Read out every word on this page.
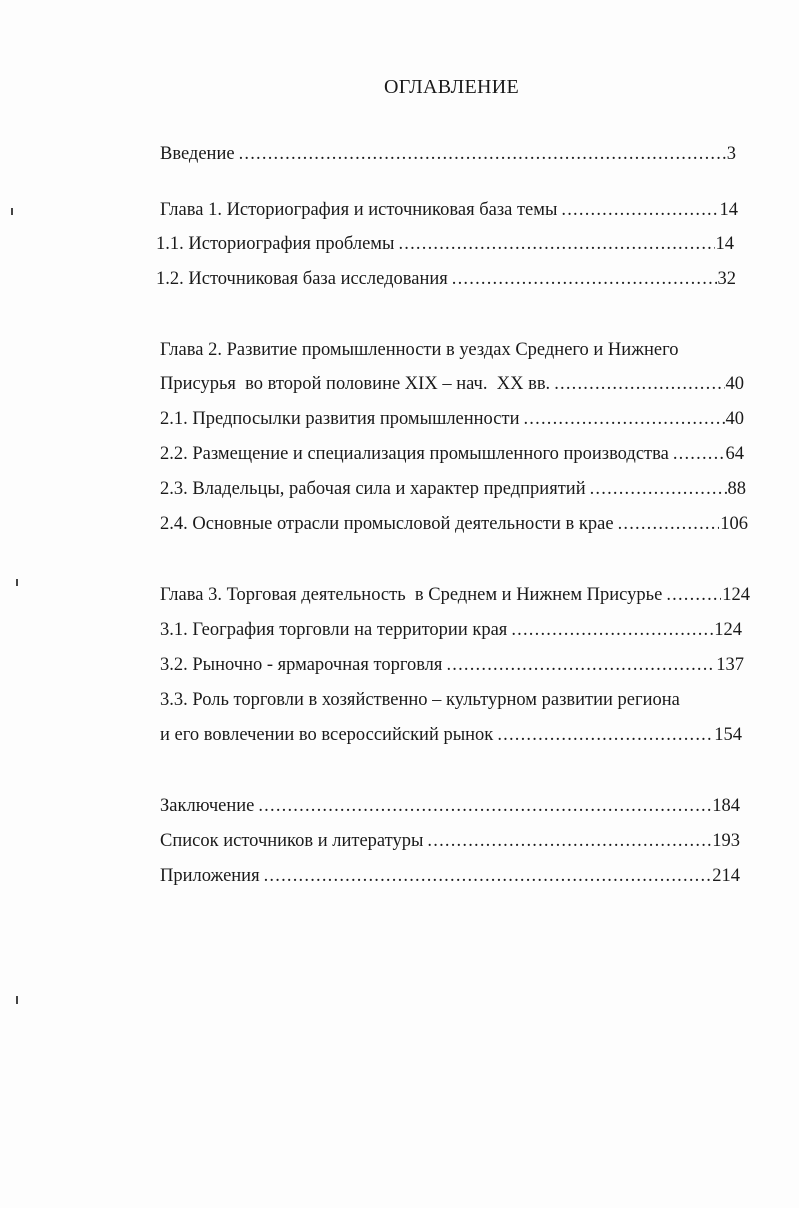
ОГЛАВЛЕНИЕ
Введение .....	3
Глава 1. Историография и источниковая база темы .....	14
1.1. Историография проблемы .....	14
1.2. Источниковая база исследования .....	32
Глава 2. Развитие промышленности в уездах Среднего и Нижнего
Присурья  во второй половине XIX – нач.  XX вв. .....	40
2.1. Предпосылки развития промышленности .....	40
2.2. Размещение и специализация промышленного производства .....	64
2.3. Владельцы, рабочая сила и характер предприятий .....	88
2.4. Основные отрасли промысловой деятельности в крае .....	106
Глава 3. Торговая деятельность  в Среднем и Нижнем Присурье .....	124
3.1. География торговли на территории края .....	124
3.2. Рыночно - ярмарочная торговля .....	137
3.3. Роль торговли в хозяйственно – культурном развитии региона
и его вовлечении во всероссийский рынок .....	154
Заключение .....	184
Список источников и литературы .....	193
Приложения .....	214
